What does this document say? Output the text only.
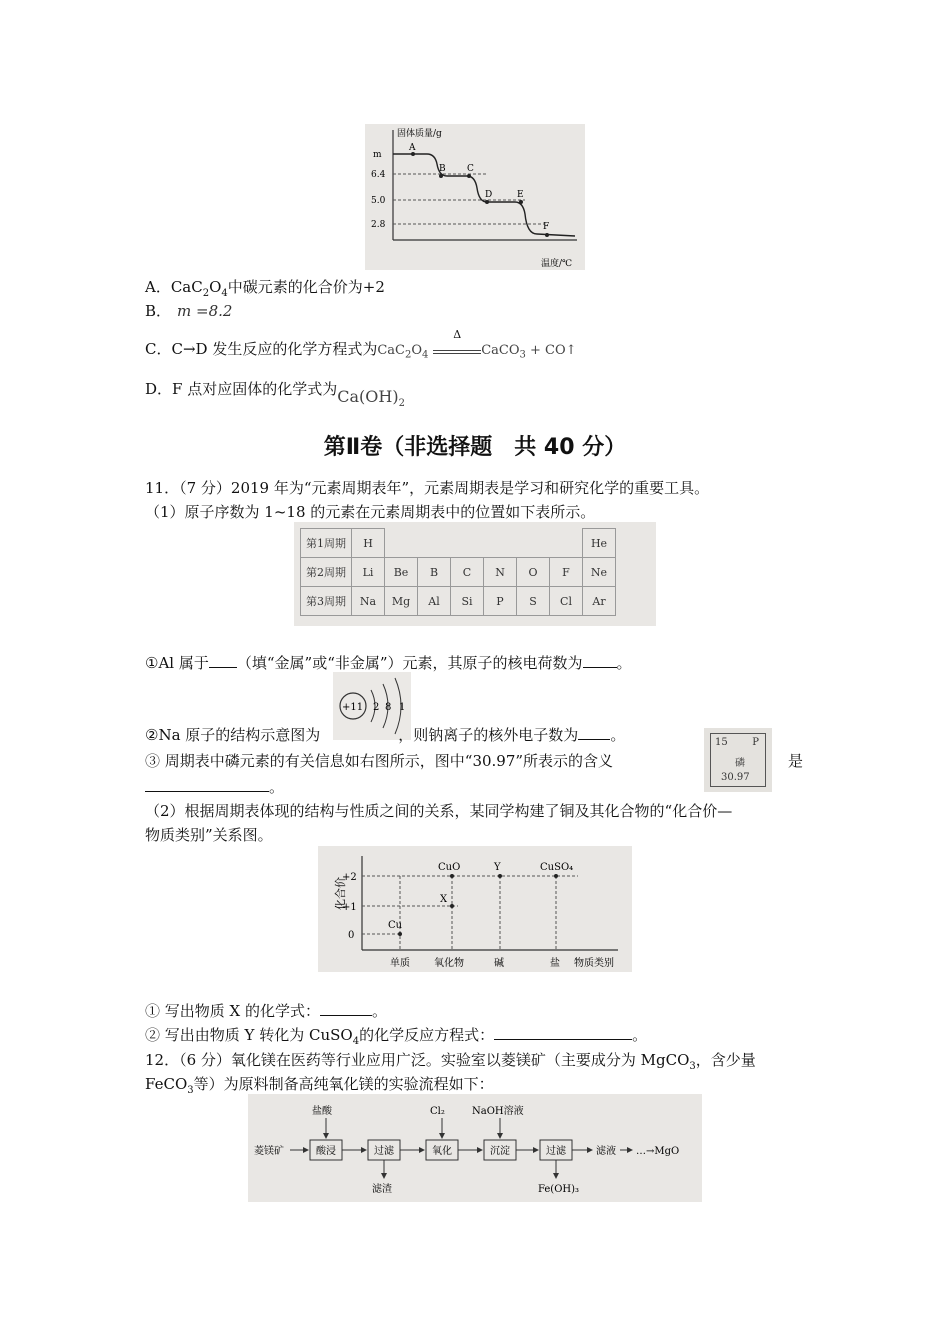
固体质量/g
温度/℃
m
6.4
5.0
2.8
A
B C
D	E
F
A．$CaC_2O_4$中碳元素的化合价为+2
B． m =8.2
C．C→D 发生反应的化学方程式为$CaC_2O_4$
Δ
CaCO$_3$ + CO↑
D．F 点对应固体的化学式为$Ca(OH)_2$
第Ⅱ卷（非选择题　共 40 分）
11．（7 分）2019 年为“元素周期表年”，元素周期表是学习和研究化学的重要工具。
（1）原子序数为 1~18 的元素在元素周期表中的位置如下表所示。
第1周期	H							He
第2周期	Li	Be	B	C	N	O	F	Ne
第3周期	Na	Mg	Al	Si	P	S	Cl	Ar
①Al 属于 （填“金属”或“非金属”）元素，其原子的核电荷数为 。
+11 2 8 1
②Na 原子的结构示意图为	，则钠离子的核外电子数为 。
③ 周期表中磷元素的有关信息如右图所示，图中“30.97”所表示的含义	是
15 P
磷
30.97
。
（2）根据周期表体现的结构与性质之间的关系，某同学构建了铜及其化合物的“化合价—
物质类别”关系图。
化合价
+2
+1
0
单质 氧化物	碱	盐 物质类别
Cu
X
CuO	Y	CuSO₄
① 写出物质 X 的化学式：	。
② 写出由物质 Y 转化为 CuSO$_4$的化学反应方程式：	。
12．（6 分）氧化镁在医药等行业应用广泛。实验室以菱镁矿（主要成分为 MgCO$_3$，含少量
FeCO$_3$等）为原料制备高纯氧化镁的实验流程如下：
菱镁矿	酸浸	过滤	氧化	沉淀	过滤	滤液 …→MgO
盐酸	Cl₂	NaOH溶液
滤渣	Fe(OH)₃
